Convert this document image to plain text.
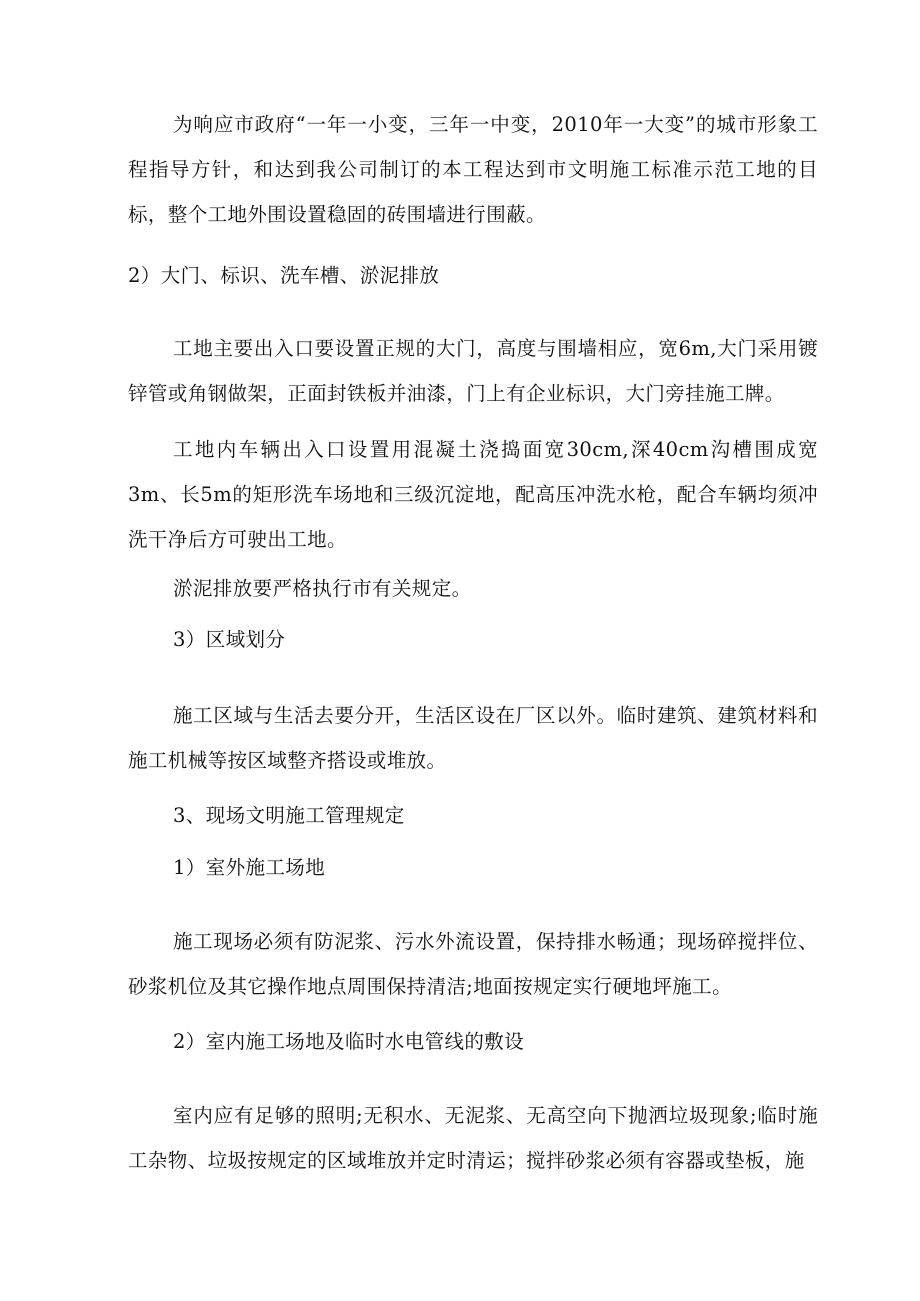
为响应市政府“一年一小变，三年一中变，2010年一大变”的城市形象工程指导方针，和达到我公司制订的本工程达到市文明施工标准示范工地的目标，整个工地外围设置稳固的砖围墙进行围蔽。

2）大门、标识、洗车槽、淤泥排放

工地主要出入口要设置正规的大门，高度与围墙相应，宽6m,大门采用镀锌管或角钢做架，正面封铁板并油漆，门上有企业标识，大门旁挂施工牌。

工地内车辆出入口设置用混凝土浇捣面宽30cm,深40cm沟槽围成宽3m、长5m的矩形洗车场地和三级沉淀地，配高压冲洗水枪，配合车辆均须冲洗干净后方可驶出工地。

淤泥排放要严格执行市有关规定。

3）区域划分

施工区域与生活去要分开，生活区设在厂区以外。临时建筑、建筑材料和施工机械等按区域整齐搭设或堆放。

3、现场文明施工管理规定

1）室外施工场地

施工现场必须有防泥浆、污水外流设置，保持排水畅通；现场碎搅拌位、砂浆机位及其它操作地点周围保持清洁;地面按规定实行硬地坪施工。

2）室内施工场地及临时水电管线的敷设

室内应有足够的照明;无积水、无泥浆、无高空向下抛洒垃圾现象;临时施工杂物、垃圾按规定的区域堆放并定时清运；搅拌砂浆必须有容器或垫板，施
